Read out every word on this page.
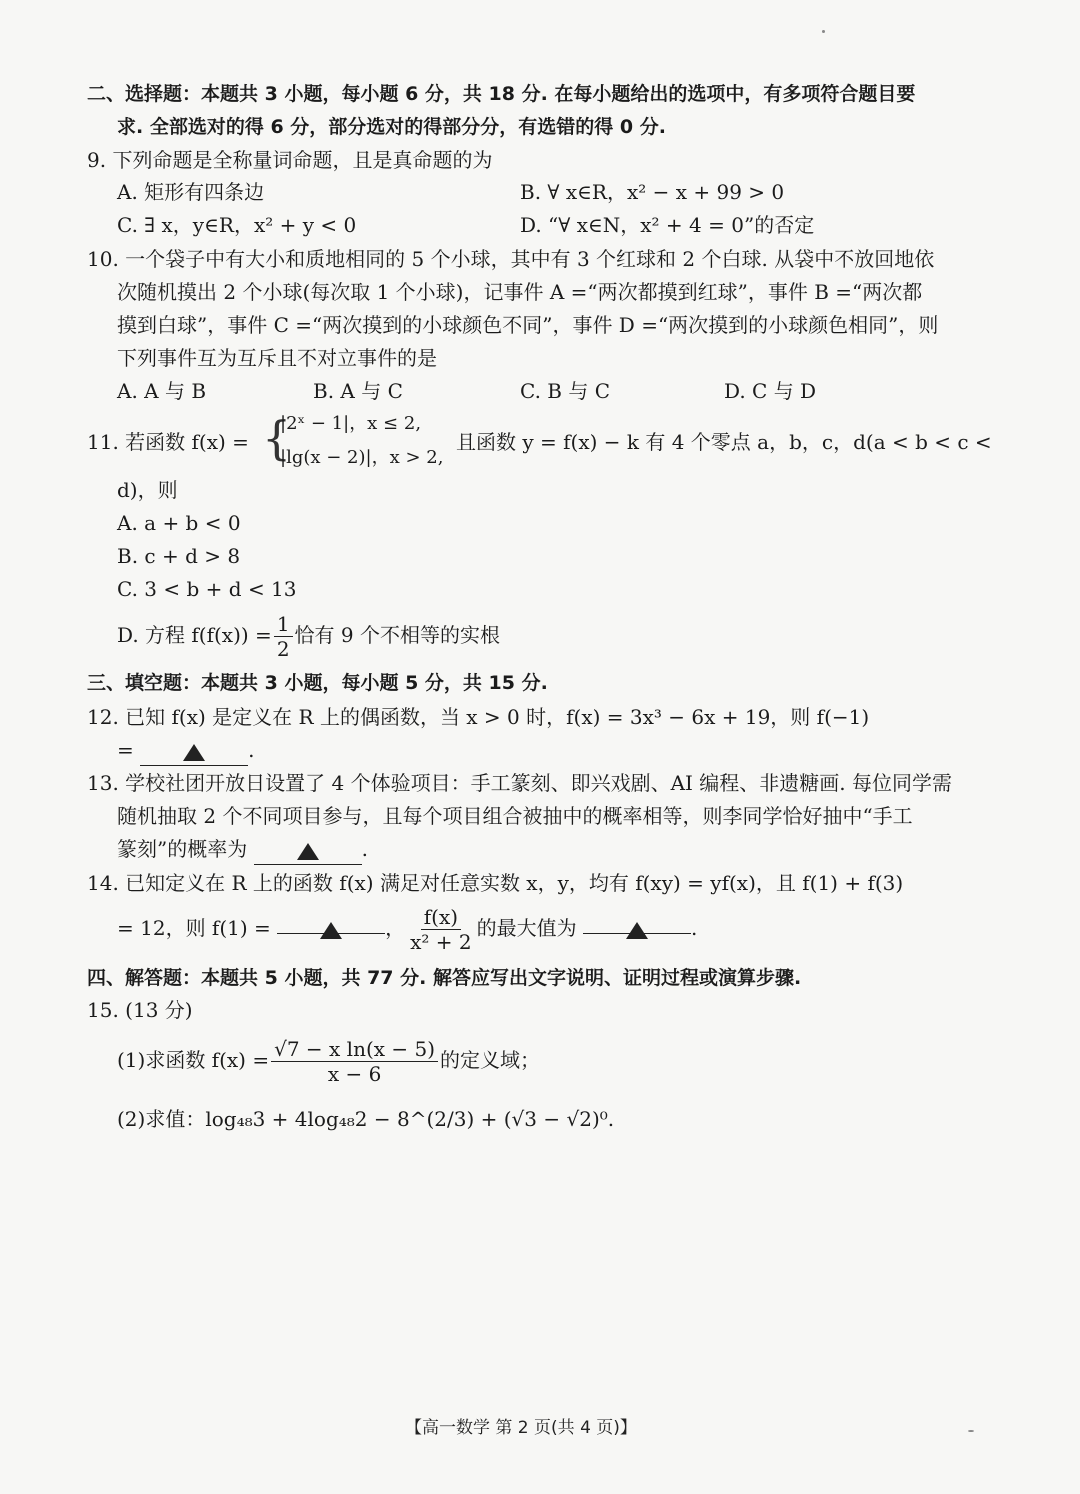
二、选择题：本题共 3 小题，每小题 6 分，共 18 分. 在每小题给出的选项中，有多项符合题目要
求. 全部选对的得 6 分，部分选对的得部分分，有选错的得 0 分.
9. 下列命题是全称量词命题，且是真命题的为
A. 矩形有四条边	B. ∀ x∈R，x² − x + 99 > 0
C. ∃ x，y∈R，x² + y < 0	D. “∀ x∈N，x² + 4 = 0”的否定
10. 一个袋子中有大小和质地相同的 5 个小球，其中有 3 个红球和 2 个白球. 从袋中不放回地依
次随机摸出 2 个小球(每次取 1 个小球)，记事件 A =“两次都摸到红球”，事件 B =“两次都
摸到白球”，事件 C =“两次摸到的小球颜色不同”，事件 D =“两次摸到的小球颜色相同”，则
下列事件互为互斥且不对立事件的是
A. A 与 B	B. A 与 C	C. B 与 C	D. C 与 D
11. 若函数 f(x) = {
|2ˣ − 1|，x ≤ 2,
|lg(x − 2)|，x > 2,
且函数 y = f(x) − k 有 4 个零点 a，b，c，d(a < b < c <
d)，则
A. a + b < 0
B. c + d > 8
C. 3 < b + d < 13
D. 方程 $f(f(x)) = \frac{1}{2}$ 恰有 9 个不相等的实根
三、填空题：本题共 3 小题，每小题 5 分，共 15 分.
12. 已知 f(x) 是定义在 R 上的偶函数，当 x > 0 时，f(x) = 3x³ − 6x + 19，则 f(−1)
=	.
13. 学校社团开放日设置了 4 个体验项目：手工篆刻、即兴戏剧、AI 编程、非遗糖画. 每位同学需
随机抽取 2 个不同项目参与，且每个项目组合被抽中的概率相等，则李同学恰好抽中“手工
篆刻”的概率为	.
14. 已知定义在 R 上的函数 f(x) 满足对任意实数 x，y，均有 f(xy) = yf(x)，且 f(1) + f(3)
= 12，则 f(1) =	， $\frac{f(x)}{\text{x² + 2}}$ 的最大值为	.
四、解答题：本题共 5 小题，共 77 分. 解答应写出文字说明、证明过程或演算步骤.
15. (13 分)
(1)求函数 $f(x) = \frac{\text{√7 − x ln(x − 5)}}{x - 6}$ 的定义域；
(2)求值：log₄₈3 + 4log₄₈2 − 8^(2/3) + (√3 − √2)⁰.
【高一数学 第 2 页(共 4 页)】
